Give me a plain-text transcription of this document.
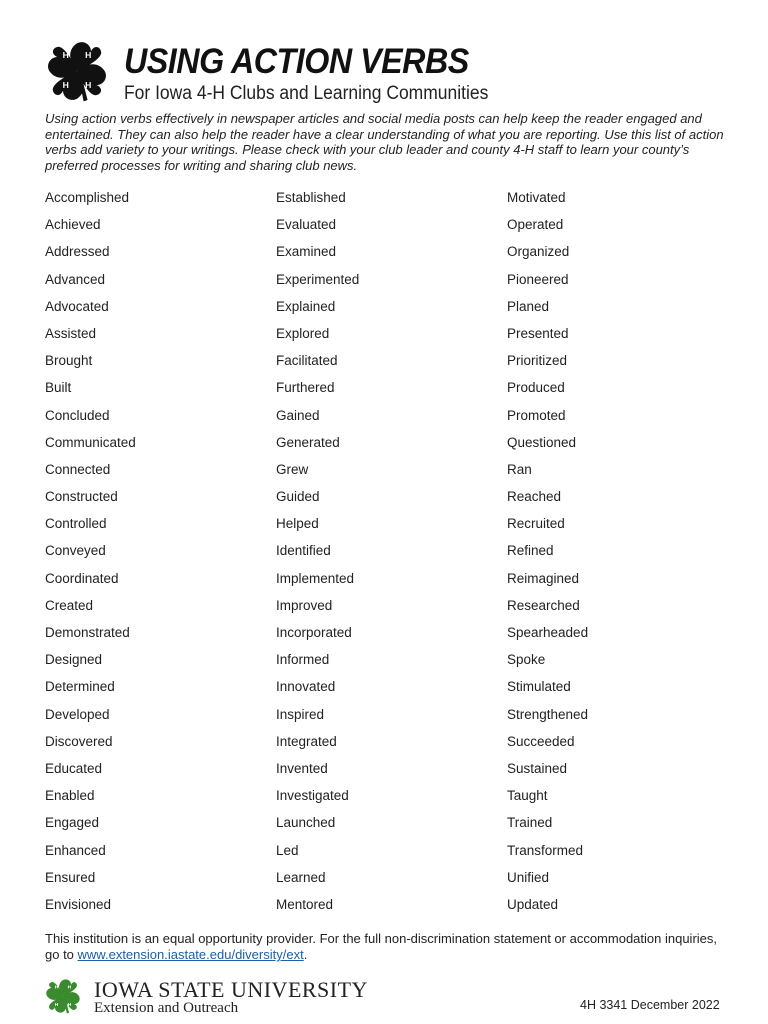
H H
H H
USING ACTION VERBS
For Iowa 4-H Clubs and Learning Communities

Using action verbs effectively in newspaper articles and social media posts can help keep the reader engaged and entertained. They can also help the reader have a clear understanding of what you are reporting. Use this list of action verbs add variety to your writings. Please check with your club leader and county 4-H staff to learn your county’s preferred processes for writing and sharing club news.

Accomplished
Achieved
Addressed
Advanced
Advocated
Assisted
Brought
Built
Concluded
Communicated
Connected
Constructed
Controlled
Conveyed
Coordinated
Created
Demonstrated
Designed
Determined
Developed
Discovered
Educated
Enabled
Engaged
Enhanced
Ensured
Envisioned
Established
Evaluated
Examined
Experimented
Explained
Explored
Facilitated
Furthered
Gained
Generated
Grew
Guided
Helped
Identified
Implemented
Improved
Incorporated
Informed
Innovated
Inspired
Integrated
Invented
Investigated
Launched
Led
Learned
Mentored
Motivated
Operated
Organized
Pioneered
Planed
Presented
Prioritized
Produced
Promoted
Questioned
Ran
Reached
Recruited
Refined
Reimagined
Researched
Spearheaded
Spoke
Stimulated
Strengthened
Succeeded
Sustained
Taught
Trained
Transformed
Unified
Updated

This institution is an equal opportunity provider. For the full non-discrimination statement or accommodation inquiries, go to www.extension.iastate.edu/diversity/ext.

H H
H H
IOWA STATE UNIVERSITY
Extension and Outreach	4H 3341 December 2022
